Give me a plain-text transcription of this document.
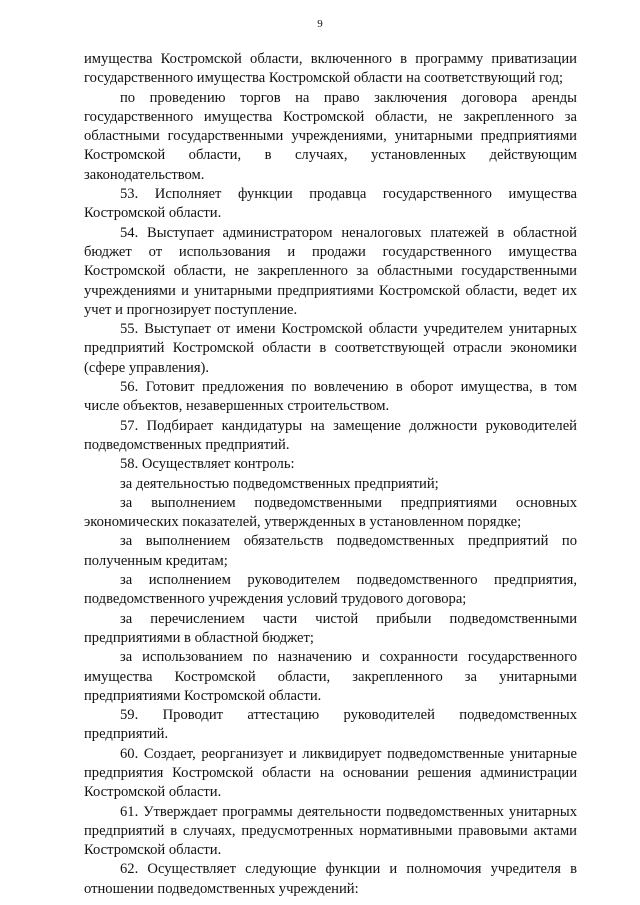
9

имущества Костромской области, включенного в программу приватизации государственного имущества Костромской области на соответствующий год;

по проведению торгов на право заключения договора аренды государственного имущества Костромской области, не закрепленного за областными государственными учреждениями, унитарными предприятиями Костромской области, в случаях, установленных действующим законодательством.

53. Исполняет функции продавца государственного имущества Костромской области.

54. Выступает администратором неналоговых платежей в областной бюджет от использования и продажи государственного имущества Костромской области, не закрепленного за областными государственными учреждениями и унитарными предприятиями Костромской области, ведет их учет и прогнозирует поступление.

55. Выступает от имени Костромской области учредителем унитарных предприятий Костромской области в соответствующей отрасли экономики (сфере управления).

56. Готовит предложения по вовлечению в оборот имущества, в том числе объектов, незавершенных строительством.

57. Подбирает кандидатуры на замещение должности руководителей подведомственных предприятий.

58. Осуществляет контроль:

за деятельностью подведомственных предприятий;

за выполнением подведомственными предприятиями основных экономических показателей, утвержденных в установленном порядке;

за выполнением обязательств подведомственных предприятий по полученным кредитам;

за исполнением руководителем подведомственного предприятия, подведомственного учреждения условий трудового договора;

за перечислением части чистой прибыли подведомственными предприятиями в областной бюджет;

за использованием по назначению и сохранности государственного имущества Костромской области, закрепленного за унитарными предприятиями Костромской области.

59. Проводит аттестацию руководителей подведомственных предприятий.

60. Создает, реорганизует и ликвидирует подведомственные унитарные предприятия Костромской области на основании решения администрации Костромской области.

61. Утверждает программы деятельности подведомственных унитарных предприятий в случаях, предусмотренных нормативными правовыми актами Костромской области.

62. Осуществляет следующие функции и полномочия учредителя в отношении подведомственных учреждений:
